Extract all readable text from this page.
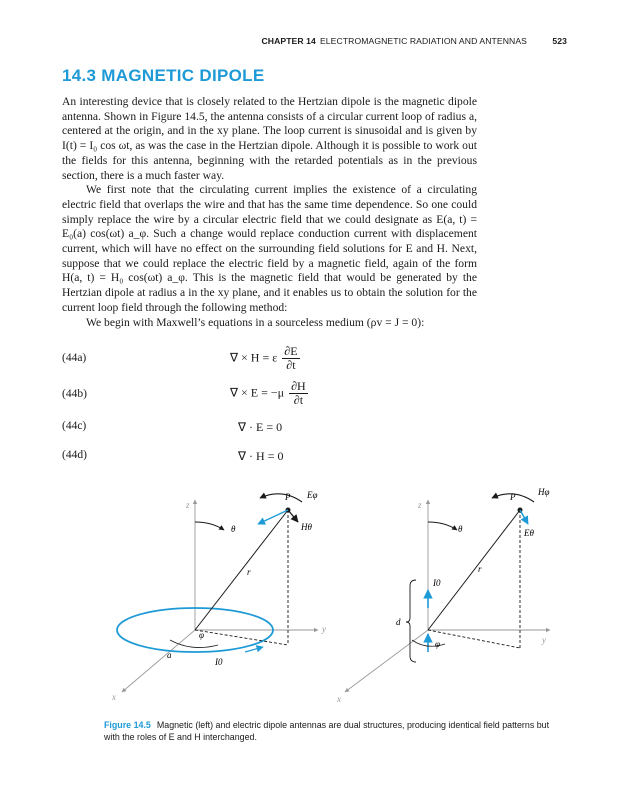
CHAPTER 14 ELECTROMAGNETIC RADIATION AND ANTENNAS	523
14.3 MAGNETIC DIPOLE

An interesting device that is closely related to the Hertzian dipole is the magnetic dipole antenna. Shown in Figure 14.5, the antenna consists of a circular current loop of radius a, centered at the origin, and in the xy plane. The loop current is sinusoidal and is given by I(t) = I₀ cos ωt, as was the case in the Hertzian dipole. Although it is possible to work out the fields for this antenna, beginning with the retarded potentials as in the previous section, there is a much faster way.

We first note that the circulating current implies the existence of a circulating electric field that overlaps the wire and that has the same time dependence. So one could simply replace the wire by a circular electric field that we could designate as E(a, t) = E₀(a) cos(ωt) a_φ. Such a change would replace conduction current with displacement current, which will have no effect on the surrounding field solutions for E and H. Next, suppose that we could replace the electric field by a magnetic field, again of the form H(a, t) = H₀ cos(ωt) a_φ. This is the magnetic field that would be generated by the Hertzian dipole at radius a in the xy plane, and it enables us to obtain the solution for the current loop field through the following method:

We begin with Maxwell’s equations in a sourceless medium (ρv = J = 0):

∇ × H = ε $\frac{\partial E}{\partial t}$
(44a)
∇ × $E = -\mu \frac{\partial H}{\partial t}$
(44b)
∇ · E = 0
(44c)
∇ · H = 0
(44d)
z
y
x
P Eφ
Hθ
θ
r
φ
a
I0
z
y
x
P	Hφ
Eθ
θ
r
I0
d
φ
Figure 14.5 Magnetic (left) and electric dipole antennas are dual structures, producing identical field patterns but with the roles of E and H interchanged.
